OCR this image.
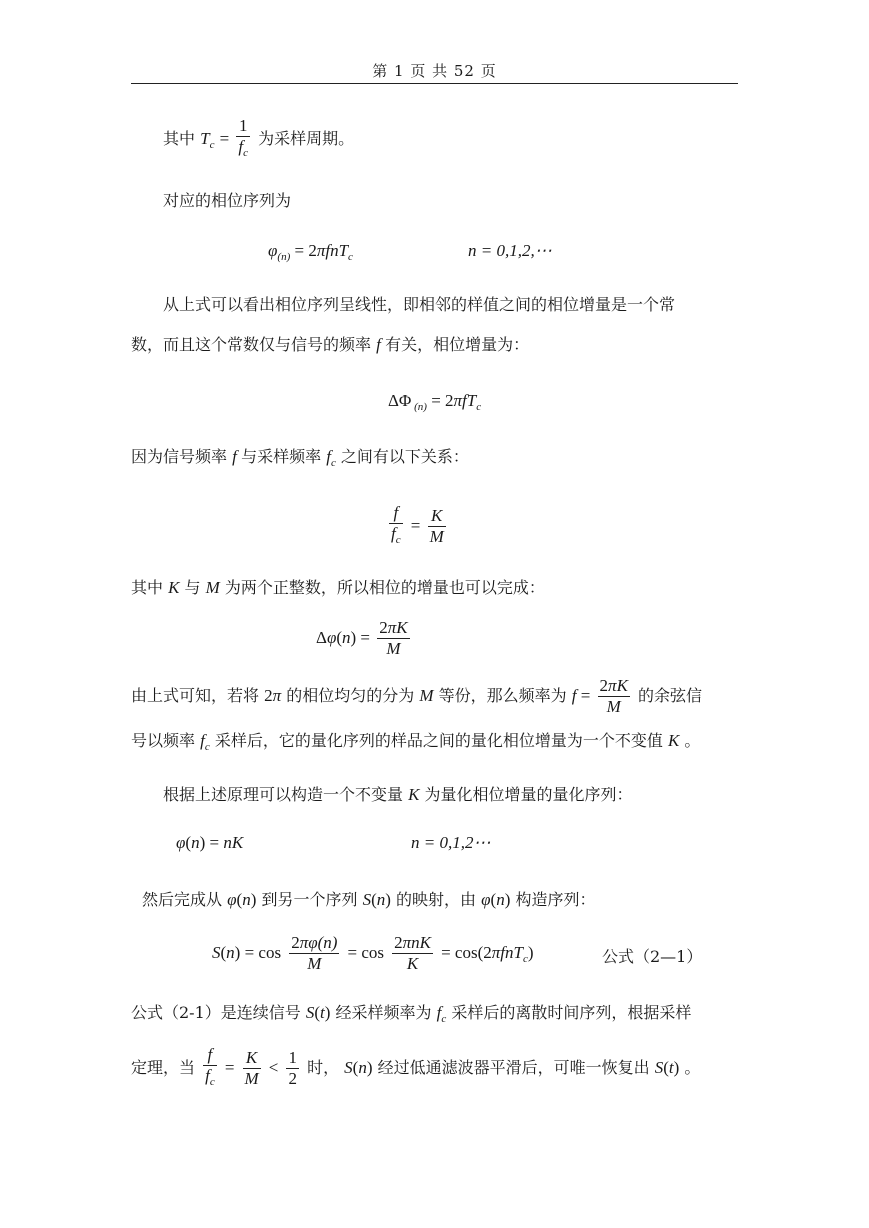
第 1 页 共 52 页
其中 $T_c = \frac{1}{f_c}$ 为采样周期。
对应的相位序列为
$\varphi_{(n)} = 2\pi fnT_c$	n = 0,1,2,⋯
从上式可以看出相位序列呈线性，即相邻的样值之间的相位增量是一个常
数，而且这个常数仅与信号的频率 f 有关，相位增量为：
ΔΦ $_{(n)}$ = 2πfT$_c$
因为信号频率 f 与采样频率 $f_c$ 之间有以下关系：
$\frac{f}{f_c} = \frac{K}{M}$
其中 K 与 M 为两个正整数，所以相位的增量也可以完成：
$\Delta\varphi(n) = \frac{2\pi K}{M}$
由上式可知，若将 2π 的相位均匀的分为 M 等份，那么频率为 $f = \frac{2\pi K}{M}$ 的余弦信
号以频率 $f_c$ 采样后，它的量化序列的样品之间的量化相位增量为一个不变值 K 。
根据上述原理可以构造一个不变量 K 为量化相位增量的量化序列：
φ(n) = nK	n = 0,1,2⋯
然后完成从 φ(n) 到另一个序列 S(n) 的映射，由 φ(n) 构造序列：
$S(n) = \cos \frac{2\pi\varphi(n)}{M} = \cos \frac{\text{2πnK}}{K} = \cos(2\pi fnT_c)$	公式（2—1）
公式（2-1）是连续信号 S(t) 经采样频率为 $f_c$ 采样后的离散时间序列，根据采样
定理，当 $\frac{f}{f_c} = \frac{K}{M} < \frac{1}{2}$ 时， S(n) 经过低通滤波器平滑后，可唯一恢复出 S(t) 。
